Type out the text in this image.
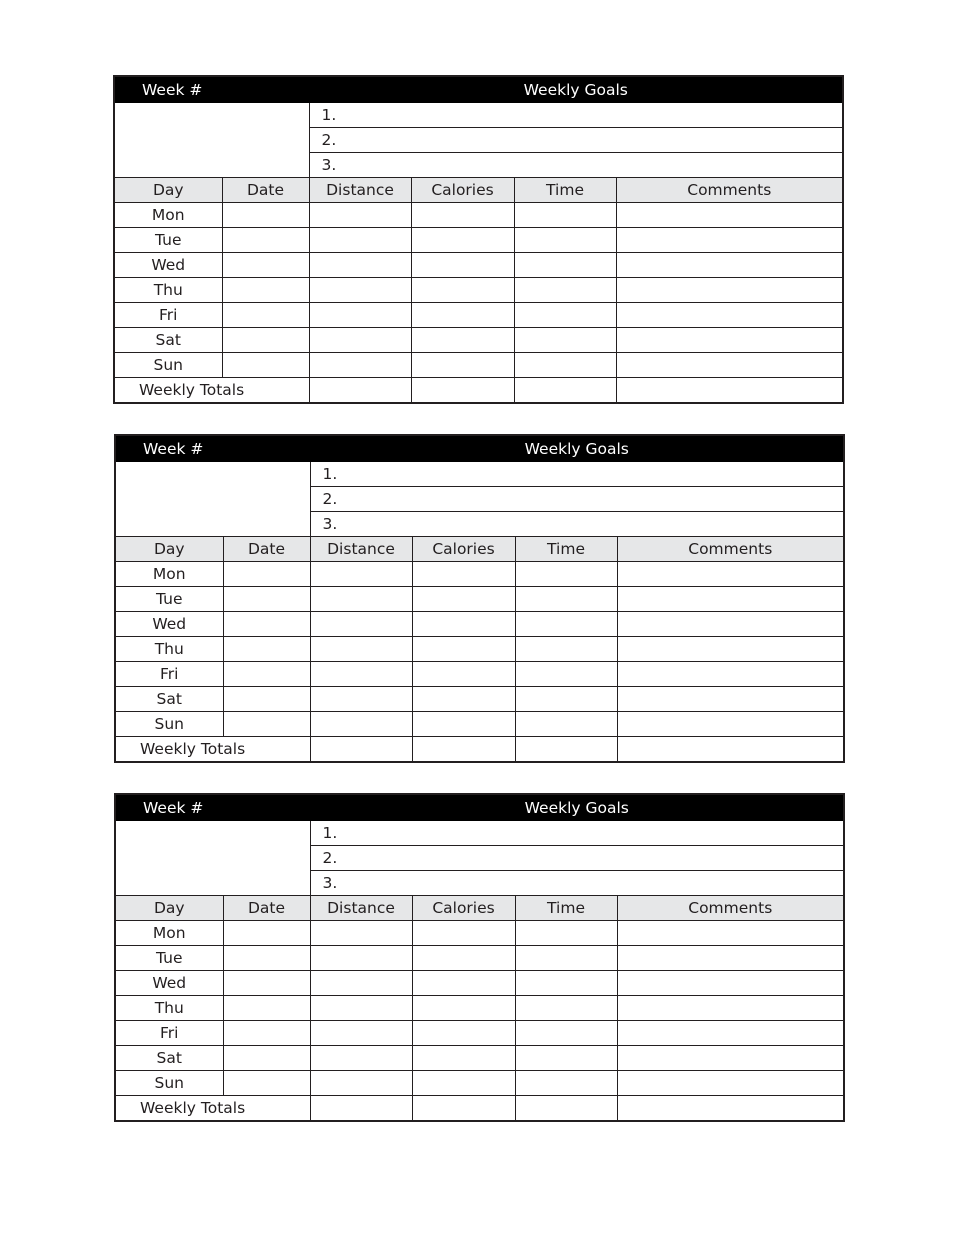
Week #		Weekly Goals			
		1.			
		2.			
		3.			
Day	Date	Distance	Calories	Time	Comments
Mon					
Tue					
Wed					
Thu					
Fri					
Sat					
Sun					
Weekly Totals					
Week #		Weekly Goals			
		1.			
		2.			
		3.			
Day	Date	Distance	Calories	Time	Comments
Mon					
Tue					
Wed					
Thu					
Fri					
Sat					
Sun					
Weekly Totals					
Week #		Weekly Goals			
		1.			
		2.			
		3.			
Day	Date	Distance	Calories	Time	Comments
Mon					
Tue					
Wed					
Thu					
Fri					
Sat					
Sun					
Weekly Totals					
